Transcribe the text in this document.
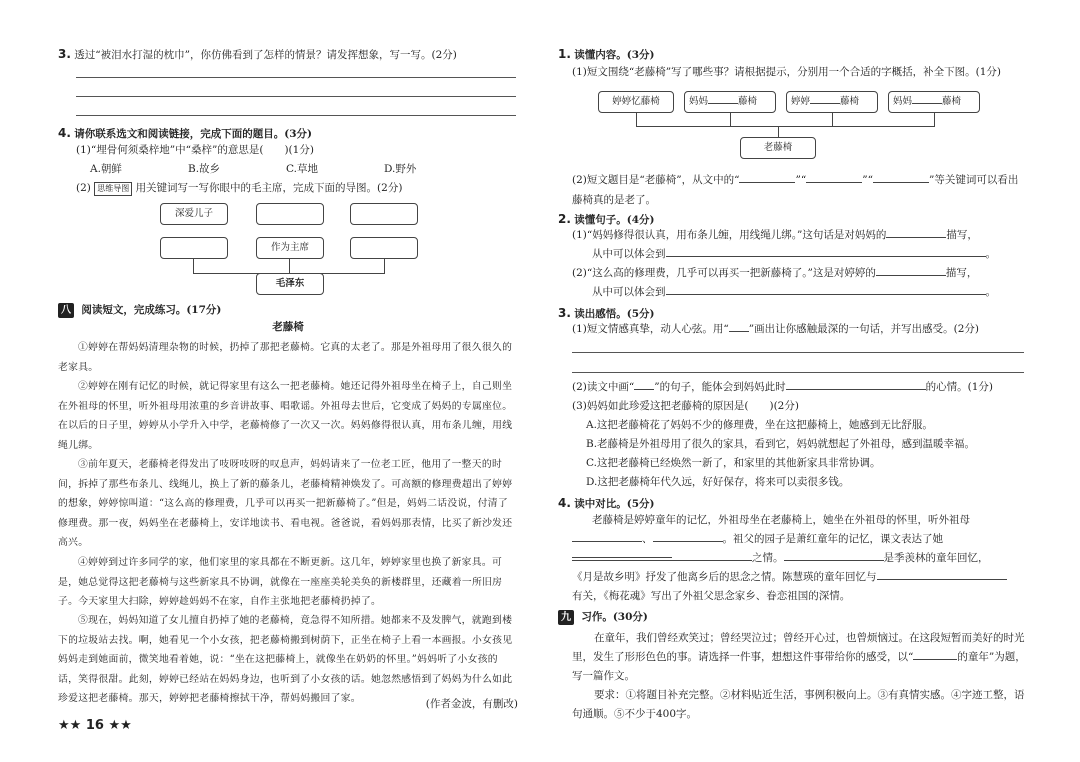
3. 透过“被泪水打湿的枕巾”，你仿佛看到了怎样的情景？请发挥想象，写一写。(2分)
4. 请你联系选文和阅读链接，完成下面的题目。(3分)
(1)“埋骨何须桑梓地”中“桑梓”的意思是(　　)(1分)
A.朝鲜	B.故乡	C.草地	D.野外
(2) 思维导图 用关键词写一写你眼中的毛主席，完成下面的导图。(2分)
深爱儿子
作为主席
毛泽东
八 阅读短文，完成练习。(17分)
老藤椅
①婷婷在帮妈妈清理杂物的时候，扔掉了那把老藤椅。它真的太老了。那是外祖母用了很久很久的老家具。
②婷婷在刚有记忆的时候，就记得家里有这么一把老藤椅。她还记得外祖母坐在椅子上，自己则坐在外祖母的怀里，听外祖母用浓重的乡音讲故事、唱歌谣。外祖母去世后，它变成了妈妈的专属座位。在以后的日子里，婷婷从小学升入中学，老藤椅修了一次又一次。妈妈修得很认真，用布条儿缠，用线绳儿绑。
③前年夏天，老藤椅老得发出了吱呀吱呀的叹息声，妈妈请来了一位老工匠，他用了一整天的时间，拆掉了那些布条儿、线绳儿，换上了新的藤条儿，老藤椅精神焕发了。可高额的修理费超出了婷婷的想象，婷婷惊叫道：“这么高的修理费，几乎可以再买一把新藤椅了。”但是，妈妈二话没说，付清了修理费。那一夜，妈妈坐在老藤椅上，安详地读书、看电视。爸爸说，看妈妈那表情，比买了新沙发还高兴。
④婷婷到过许多同学的家，他们家里的家具都在不断更新。这几年，婷婷家里也换了新家具。可是，她总觉得这把老藤椅与这些新家具不协调，就像在一座座美轮美奂的新楼群里，还藏着一所旧房子。今天家里大扫除，婷婷趁妈妈不在家，自作主张地把老藤椅扔掉了。
⑤现在，妈妈知道了女儿擅自扔掉了她的老藤椅，竟急得不知所措。她都来不及发脾气，就跑到楼下的垃圾站去找。啊，她看见一个小女孩，把老藤椅搬到树荫下，正坐在椅子上看一本画报。小女孩见妈妈走到她面前，微笑地看着她，说：“坐在这把藤椅上，就像坐在奶奶的怀里。”妈妈听了小女孩的话，笑得很甜。此刻，婷婷已经站在妈妈身边，也听到了小女孩的话。她忽然感悟到了妈妈为什么如此珍爱这把老藤椅。那天，婷婷把老藤椅擦拭干净，帮妈妈搬回了家。	(作者金波，有删改)
★★ 16 ★★
1. 读懂内容。(3分)
(1)短文围绕“老藤椅”写了哪些事？请根据提示，分别用一个合适的字概括，补全下图。(1分)
婷婷忆藤椅	妈妈	藤椅	婷婷	藤椅	妈妈	藤椅
老藤椅
(2)短文题目是“老藤椅”，从文中的“	”“	”“	”等关键词可以看出藤椅真的是老了。
2. 读懂句子。(4分)
(1)“妈妈修得很认真，用布条儿缠，用线绳儿绑。”这句话是对妈妈的	描写，
从中可以体会到	。
(2)“这么高的修理费，几乎可以再买一把新藤椅了。”这是对婷婷的	描写，
从中可以体会到	。
3. 读出感悟。(5分)
(1)短文情感真挚，动人心弦。用“ ”画出让你感触最深的一句话，并写出感受。(2分)
(2)读文中画“ ”的句子，能体会到妈妈此时	的心情。(1分)
(3)妈妈如此珍爱这把老藤椅的原因是(　　)(2分)
A.这把老藤椅花了妈妈不少的修理费，坐在这把藤椅上，她感到无比舒服。
B.老藤椅是外祖母用了很久的家具，看到它，妈妈就想起了外祖母，感到温暖幸福。
C.这把老藤椅已经焕然一新了，和家里的其他新家具非常协调。
D.这把老藤椅年代久远，好好保存，将来可以卖很多钱。
4. 读中对比。(5分)
老藤椅是婷婷童年的记忆，外祖母坐在老藤椅上，她坐在外祖母的怀里，听外祖母
、	。祖父的园子是萧红童年的记忆，课文表达了她
之情。	是季羡林的童年回忆，
《月是故乡明》抒发了他离乡后的思念之情。陈慧瑛的童年回忆与
有关，《梅花魂》写出了外祖父思念家乡、眷恋祖国的深情。
九 习作。(30分)
在童年，我们曾经欢笑过；曾经哭泣过；曾经开心过，也曾烦恼过。在这段短暂而美好的时光里，发生了形形色色的事。请选择一件事，想想这件事带给你的感受，以“	的童年”为题，写一篇作文。
要求：①将题目补充完整。②材料贴近生活，事例积极向上。③有真情实感。④字迹工整，语句通顺。⑤不少于400字。
